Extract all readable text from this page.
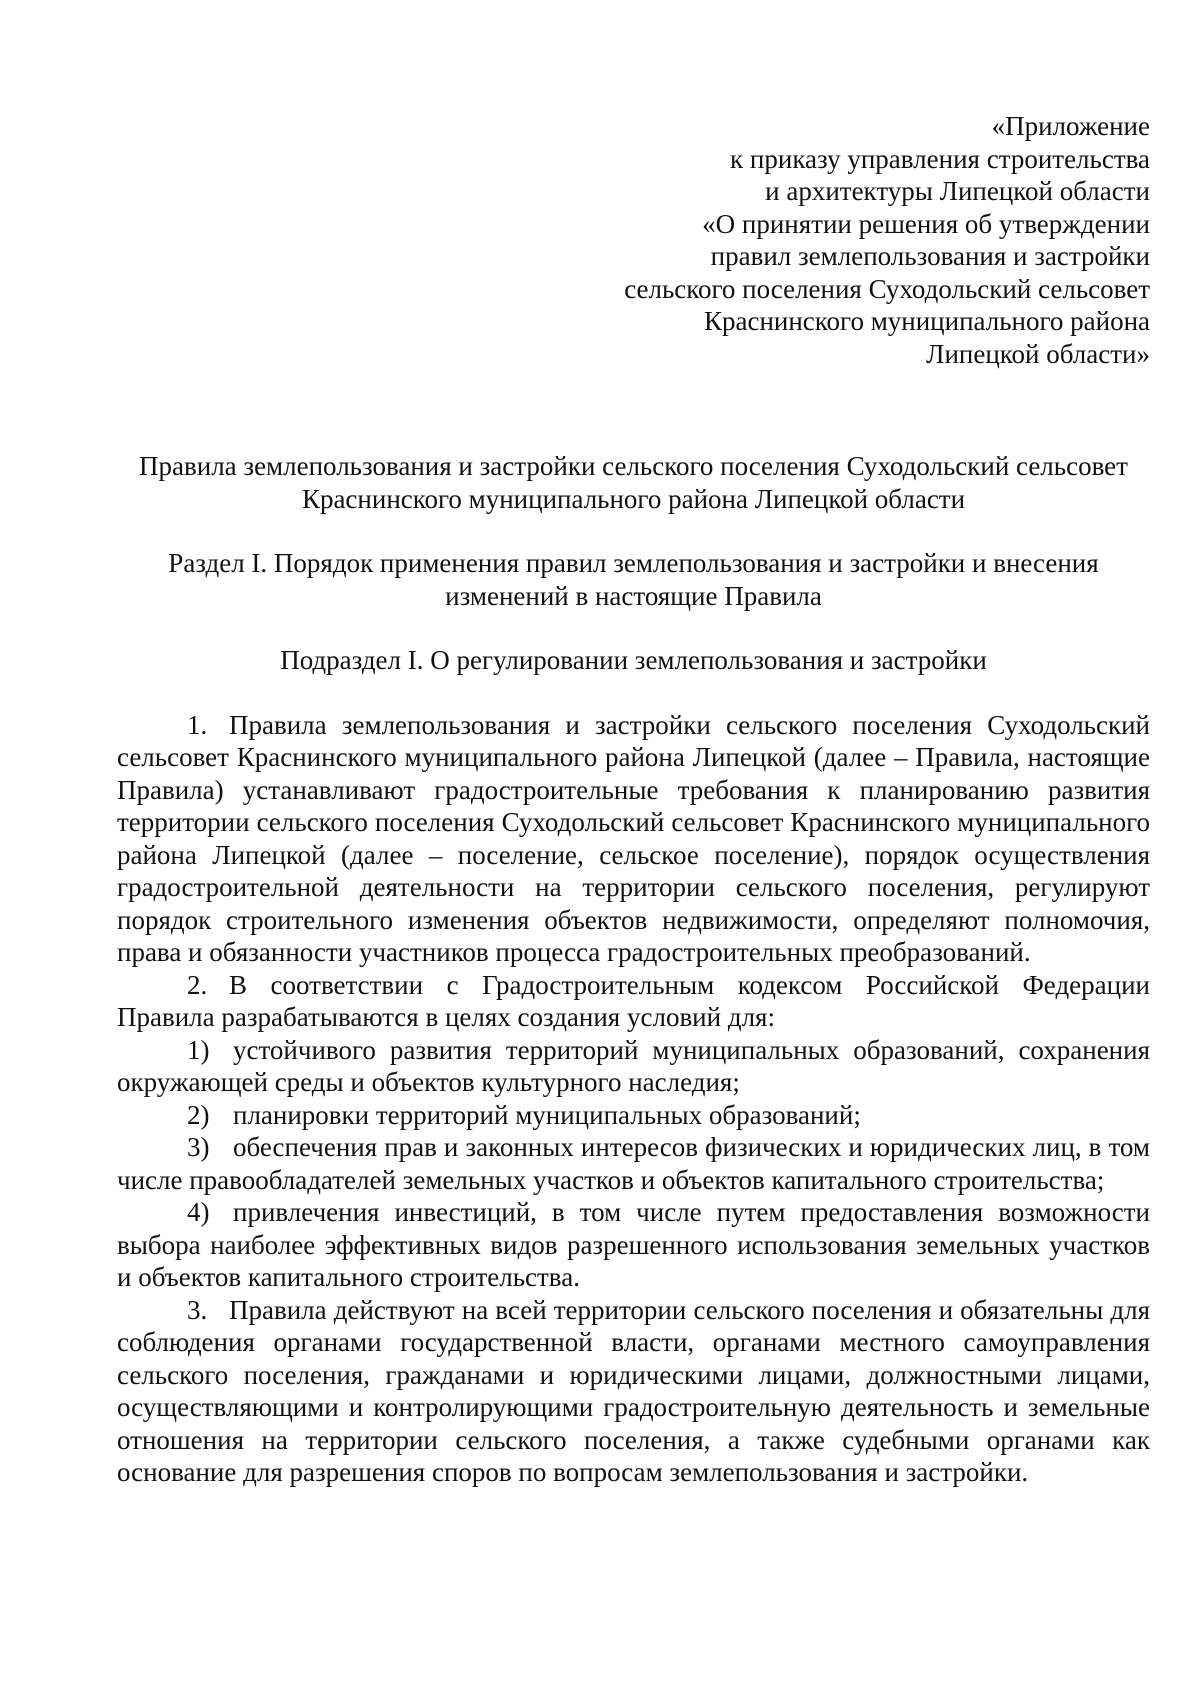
«Приложение
к приказу управления строительства
и архитектуры Липецкой области
«О принятии решения об утверждении
правил землепользования и застройки
сельского поселения Суходольский сельсовет
Краснинского муниципального района
Липецкой области»
Правила землепользования и застройки сельского поселения Суходольский сельсовет Краснинского муниципального района Липецкой области
Раздел I. Порядок применения правил землепользования и застройки и внесения изменений в настоящие Правила
Подраздел I. О регулировании землепользования и застройки

1. Правила землепользования и застройки сельского поселения Суходольский сельсовет Краснинского муниципального района Липецкой (далее – Правила, настоящие Правила) устанавливают градостроительные требования к планированию развития территории сельского поселения Суходольский сельсовет Краснинского муниципального района Липецкой (далее – поселение, сельское поселение), порядок осуществления градостроительной деятельности на территории сельского поселения, регулируют порядок строительного изменения объектов недвижимости, определяют полномочия, права и обязанности участников процесса градостроительных преобразований.

2. В соответствии с Градостроительным кодексом Российской Федерации Правила разрабатываются в целях создания условий для:

1) устойчивого развития территорий муниципальных образований, сохранения окружающей среды и объектов культурного наследия;

2) планировки территорий муниципальных образований;

3) обеспечения прав и законных интересов физических и юридических лиц, в том числе правообладателей земельных участков и объектов капитального строительства;

4) привлечения инвестиций, в том числе путем предоставления возможности выбора наиболее эффективных видов разрешенного использования земельных участков и объектов капитального строительства.

3. Правила действуют на всей территории сельского поселения и обязательны для соблюдения органами государственной власти, органами местного самоуправления сельского поселения, гражданами и юридическими лицами, должностными лицами, осуществляющими и контролирующими градостроительную деятельность и земельные отношения на территории сельского поселения, а также судебными органами как основание для разрешения споров по вопросам землепользования и застройки.
